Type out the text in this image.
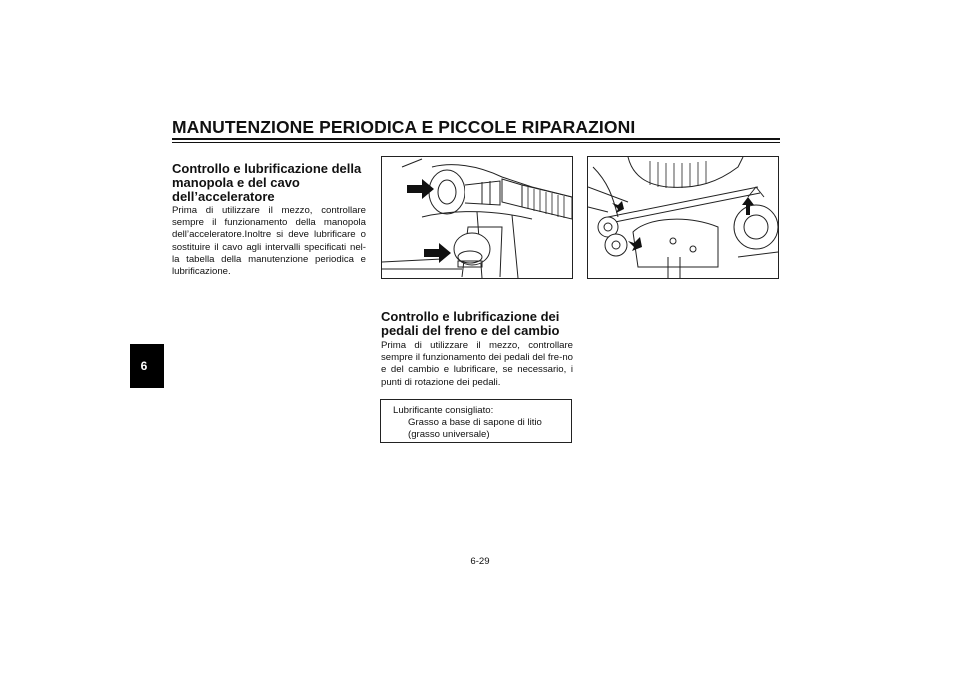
MANUTENZIONE PERIODICA E PICCOLE RIPARAZIONI
6
Controllo e lubrificazione della manopola e del cavo dell’acceleratore

Prima di utilizzare il mezzo, controllare sempre il funzionamento della manopola dell’acceleratore.Inoltre si deve lubrificare o sostituire il cavo agli intervalli specificati nel-la tabella della manutenzione periodica e lubrificazione.

Controllo e lubrificazione dei pedali del freno e del cambio

Prima di utilizzare il mezzo, controllare sempre il funzionamento dei pedali del fre-no e del cambio e lubrificare, se necessario, i punti di rotazione dei pedali.

Lubrificante consigliato:
Grasso a base di sapone di litio
(grasso universale)
6-29
